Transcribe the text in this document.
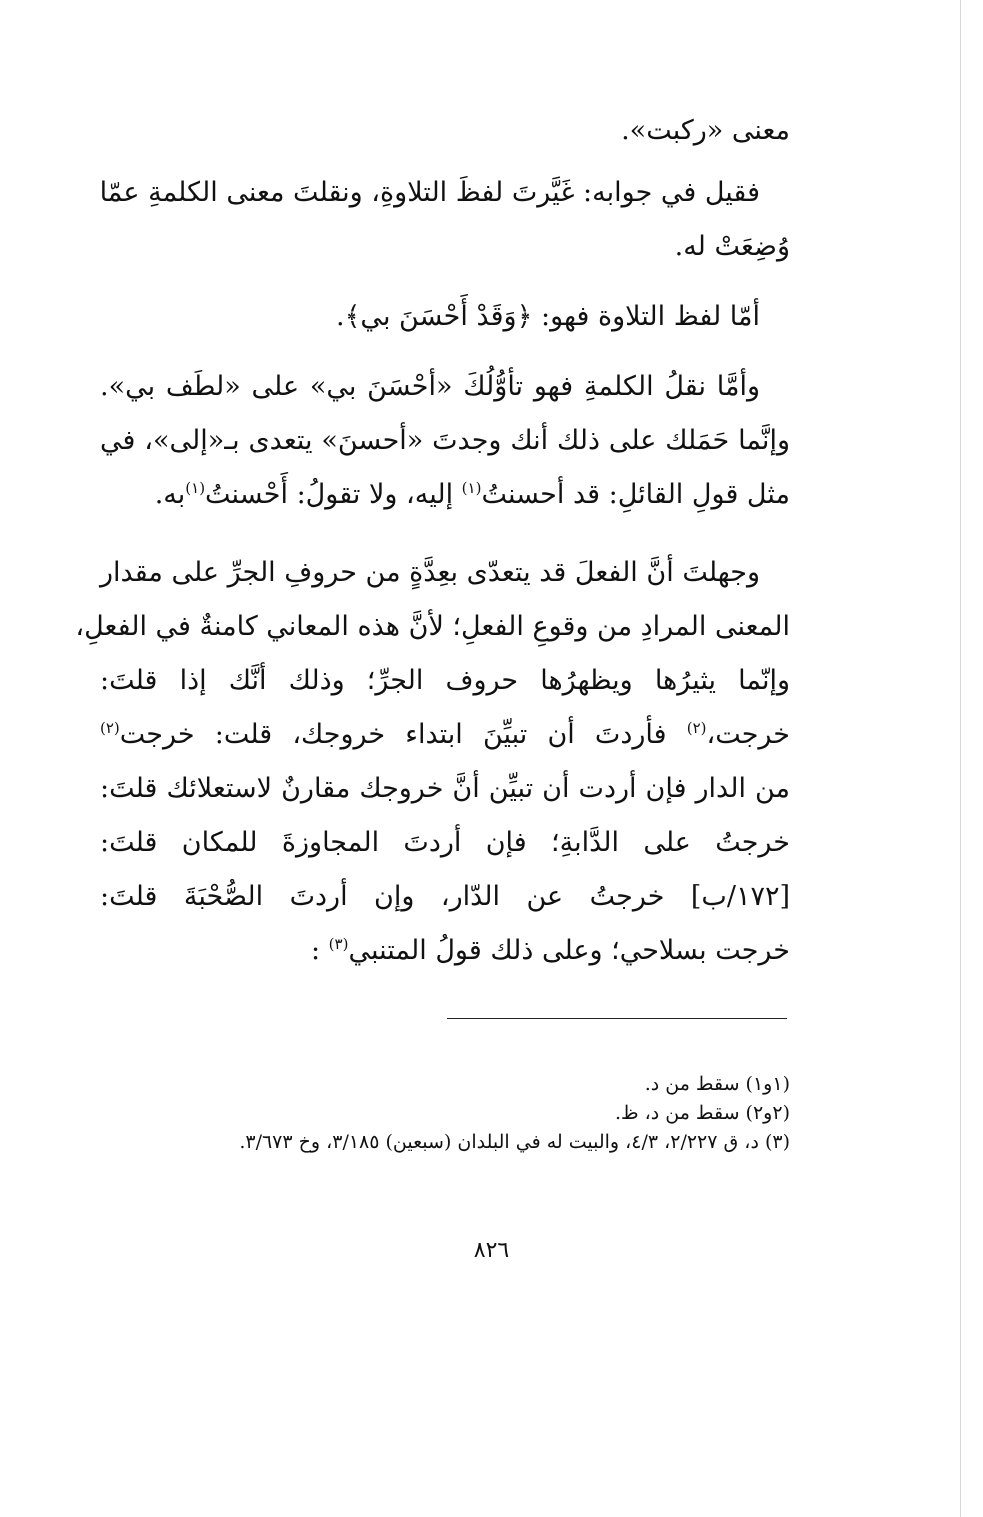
معنى «ركبت».
فقيل في جوابه: غَيَّرتَ لفظَ التلاوةِ، ونقلتَ معنى الكلمةِ عمّا
وُضِعَتْ له.
أمّا لفظ التلاوة فهو: ﴿وَقَدْ أَحْسَنَ بي﴾.
وأمَّا نقلُ الكلمةِ فهو تأوُّلُكَ «أحْسَنَ بي» على «لطَف بي».
وإنَّما حَمَلك على ذلك أنك وجدتَ «أحسنَ» يتعدى بـ«إلى»، في
مثل قولِ القائلِ: قد أحسنتُ$^{(١)}$ إليه، ولا تقولُ: أَحْسنتُ$^{(١)}$به.
وجهلتَ أنَّ الفعلَ قد يتعدّى بعِدَّةٍ من حروفِ الجرِّ على مقدار
المعنى المرادِ من وقوعِ الفعلِ؛ لأنَّ هذه المعاني كامنةٌ في الفعلِ،
وإنّما يثيرُها ويظهرُها حروف الجرِّ؛ وذلك أنَّك إذا قلتَ:
خرجت،$^{(٢)}$ فأردتَ أن تبيِّنَ ابتداء خروجك، قلت: خرجت$^{(٢)}$
من الدار فإن أردت أن تبيِّن أنَّ خروجك مقارنٌ لاستعلائك قلتَ:
خرجتُ على الدَّابةِ؛ فإن أردتَ المجاوزةَ للمكان قلتَ:
[١٧٢/ب] خرجتُ عن الدّار، وإن أردتَ الصُّحْبَةَ قلتَ:
خرجت بسلاحي؛ وعلى ذلك قولُ المتنبي$^{(٣)}$ :
(١و١) سقط من د.
(٢و٢) سقط من د، ظ.
(٣) د، ق ٢/٢٢٧، ٤/٣، والبيت له في البلدان (سبعين) ٣/١٨٥، وخ ٣/٦٧٣.
٨٢٦
